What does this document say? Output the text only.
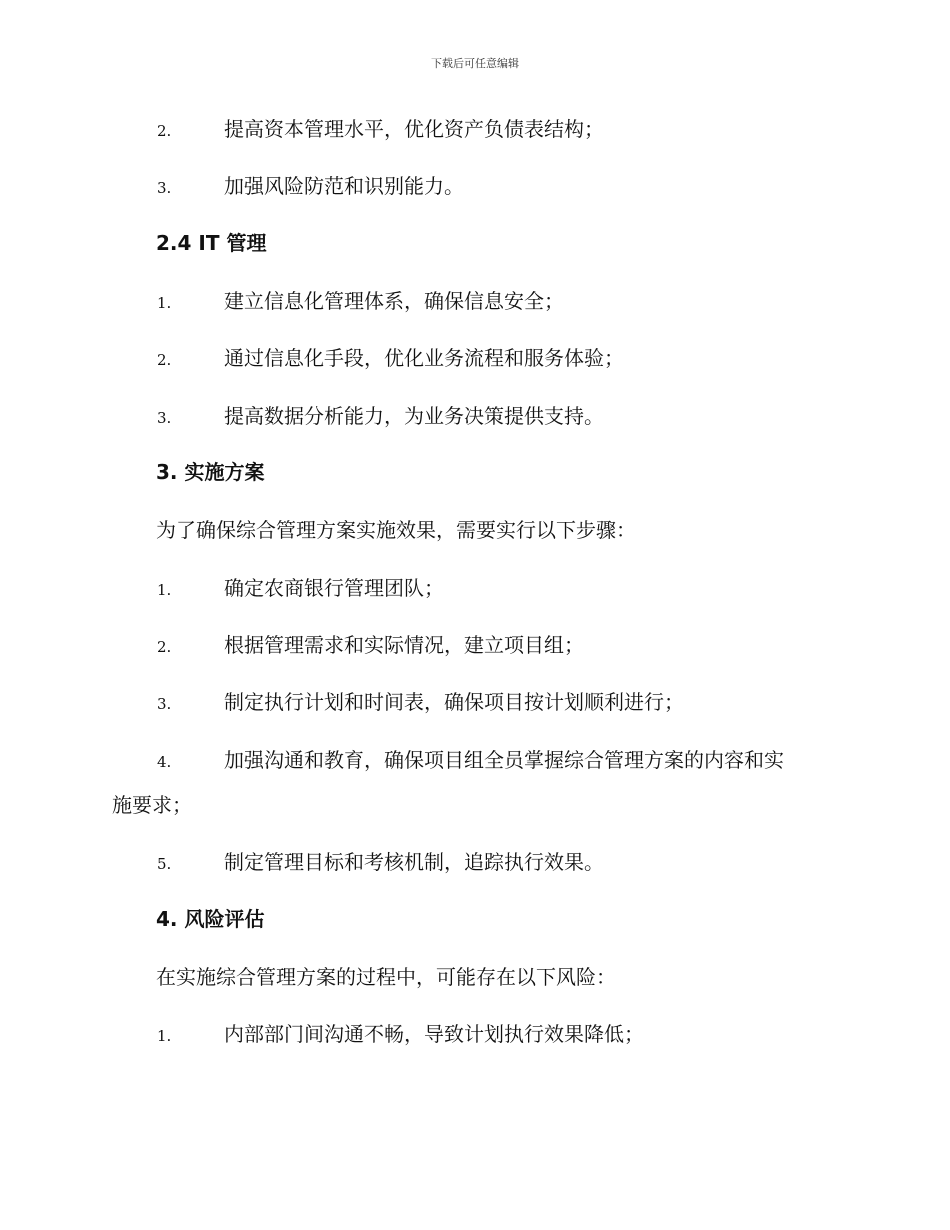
下载后可任意编辑
2.	提高资本管理水平，优化资产负债表结构；
3.	加强风险防范和识别能力。
2.4 IT 管理
1.	建立信息化管理体系，确保信息安全；
2.	通过信息化手段，优化业务流程和服务体验；
3.	提高数据分析能力，为业务决策提供支持。
3. 实施方案
为了确保综合管理方案实施效果，需要实行以下步骤：
1.	确定农商银行管理团队；
2.	根据管理需求和实际情况，建立项目组；
3.	制定执行计划和时间表，确保项目按计划顺利进行；
4.	加强沟通和教育，确保项目组全员掌握综合管理方案的内容和实
施要求；
5.	制定管理目标和考核机制，追踪执行效果。
4. 风险评估
在实施综合管理方案的过程中，可能存在以下风险：
1.	内部部门间沟通不畅，导致计划执行效果降低；
